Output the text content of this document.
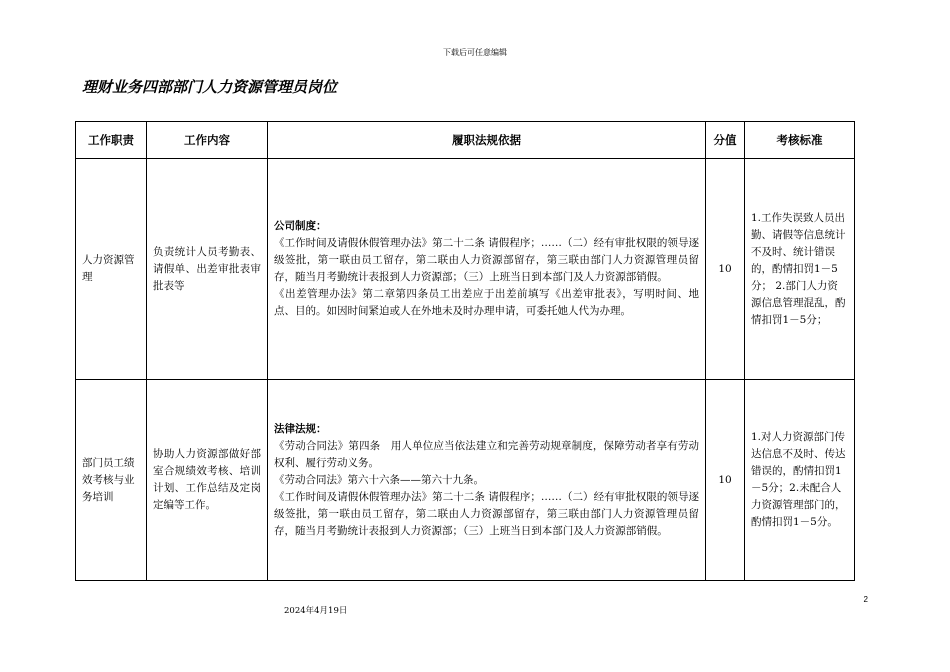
下载后可任意编辑
理财业务四部部门人力资源管理员岗位
工作职责	工作内容	履职法规依据	分值	考核标准
人力资源管理	负责统计人员考勤表、请假单、出差审批表审批表等	公司制度：
《工作时间及请假休假管理办法》第二十二条 请假程序；……（二）经有审批权限的领导逐级签批，第一联由员工留存，第二联由人力资源部留存，第三联由部门人力资源管理员留存，随当月考勤统计表报到人力资源部；（三）上班当日到本部门及人力资源部销假。
《出差管理办法》第二章第四条员工出差应于出差前填写《出差审批表》，写明时间、地点、目的。如因时间紧迫或人在外地未及时办理申请，可委托她人代为办理。	10	1.工作失误致人员出勤、请假等信息统计不及时、统计错误的，酌情扣罚1－5分； 2.部门人力资源信息管理混乱，酌情扣罚1－5分；
部门员工绩效考核与业务培训	协助人力资源部做好部室合规绩效考核、培训计划、工作总结及定岗定编等工作。	法律法规：
《劳动合同法》第四条　用人单位应当依法建立和完善劳动规章制度，保障劳动者享有劳动权利、履行劳动义务。
《劳动合同法》第六十六条——第六十九条。
《工作时间及请假休假管理办法》第二十二条 请假程序；……（二）经有审批权限的领导逐级签批，第一联由员工留存，第二联由人力资源部留存，第三联由部门人力资源管理员留存，随当月考勤统计表报到人力资源部；（三）上班当日到本部门及人力资源部销假。	10	1.对人力资源部门传达信息不及时、传达错误的，酌情扣罚1－5分；2.未配合人力资源管理部门的，酌情扣罚1－5分。
2
2024年4月19日
